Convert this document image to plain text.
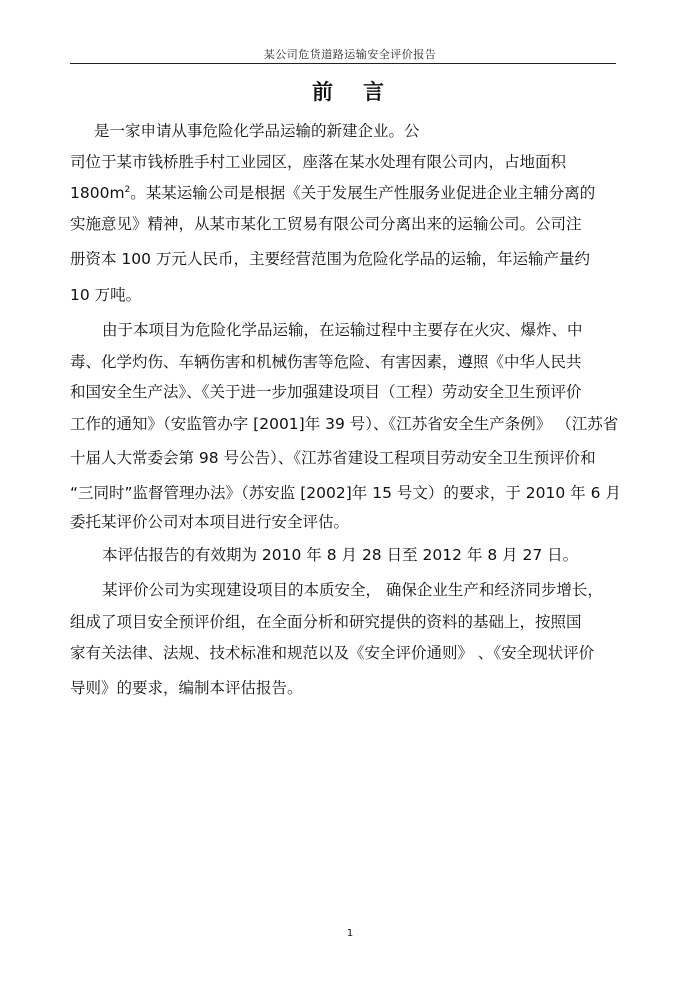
某公司危货道路运输安全评价报告
前 言
是一家申请从事危险化学品运输的新建企业。公
司位于某市钱桥胜手村工业园区，座落在某水处理有限公司内，占地面积
$1800m^2$。某某运输公司是根据《关于发展生产性服务业促进企业主辅分离的
实施意见》精神，从某市某化工贸易有限公司分离出来的运输公司。公司注
册资本 100 万元人民币，主要经营范围为危险化学品的运输，年运输产量约
10 万吨。
由于本项目为危险化学品运输，在运输过程中主要存在火灾、爆炸、中
毒、化学灼伤、车辆伤害和机械伤害等危险、有害因素，遵照《中华人民共
和国安全生产法》、《关于进一步加强建设项目（工程）劳动安全卫生预评价
工作的通知》（安监管办字 [2001]年 39 号）、《江苏省安全生产条例》 （江苏省
十届人大常委会第 98 号公告）、《江苏省建设工程项目劳动安全卫生预评价和
“三同时”监督管理办法》（苏安监 [2002]年 15 号文）的要求，于 2010 年 6 月
委托某评价公司对本项目进行安全评估。
本评估报告的有效期为 2010 年 8 月 28 日至 2012 年 8 月 27 日。
某评价公司为实现建设项目的本质安全， 确保企业生产和经济同步增长，
组成了项目安全预评价组，在全面分析和研究提供的资料的基础上，按照国
家有关法律、法规、技术标准和规范以及《安全评价通则》 、《安全现状评价
导则》的要求，编制本评估报告。
1
